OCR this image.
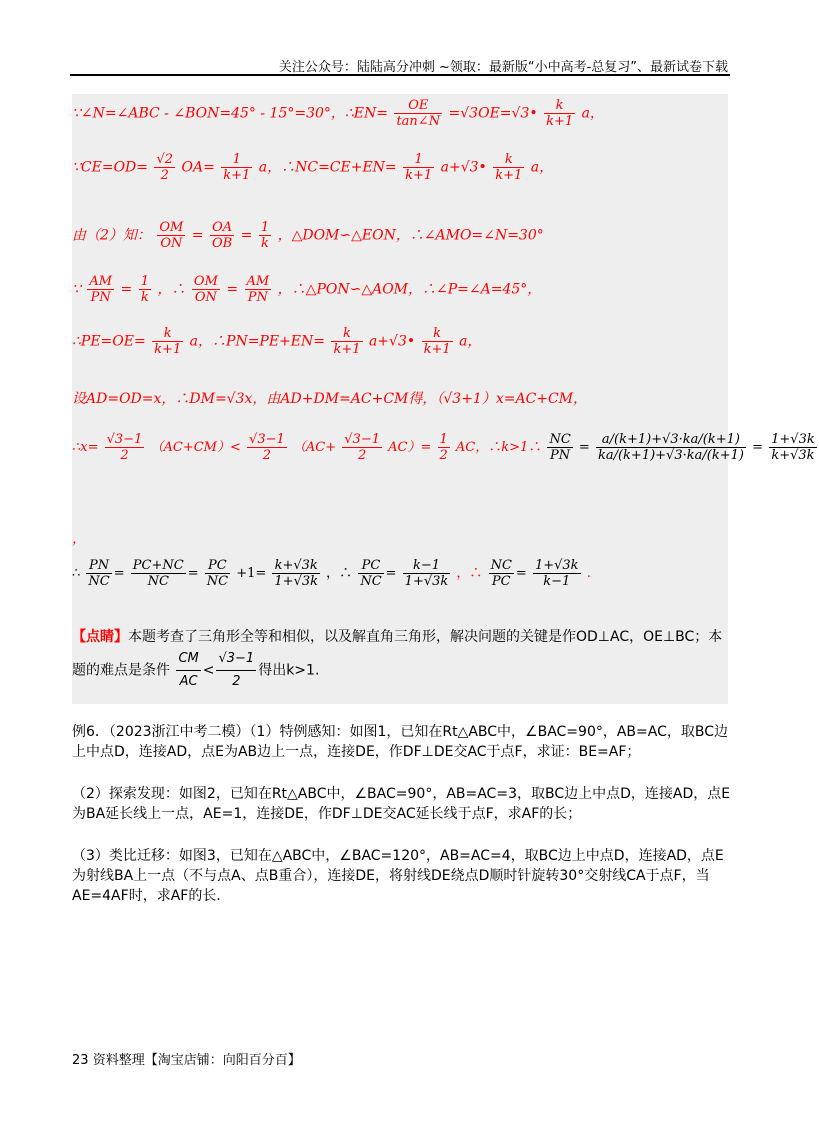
关注公众号：陆陆高分冲刺 ~领取：最新版“小中高考-总复习”、最新试卷下载
∵∠N=∠ABC - ∠BON=45° - 15°=30°，∴EN= $\frac{OE}{\tan\angle N}$ =√3OE=√3• $\frac{k}{k+1}$ a，
∵CE=OD= $\frac{√2}{2} OA= \frac{1}{k+1}$ a，∴NC=CE+EN= $\frac{1}{k+1}$ a+√3• $\frac{k}{k+1}$ a，
由（2）知： $\frac{OM}{ON} = \frac{OA}{OB} = \frac{1}{k}$ ，△DOM∽△EON，∴∠AMO=∠N=30°
∵ $\frac{AM}{PN} = \frac{1}{k}$ ，∴ $\frac{OM}{ON} = \frac{AM}{PN}$ ，∴△PON∽△AOM，∴∠P=∠A=45°，
∴PE=OE= $\frac{k}{k+1}$ a，∴PN=PE+EN= $\frac{k}{k+1}$ a+√3• $\frac{k}{k+1}$ a，
设AD=OD=x，∴DM=√3x，由AD+DM=AC+CM得，（√3+1）x=AC+CM，
∴x= $\frac{√3-1}{2} (AC+CM)< \frac{√3-1}{2} (AC+ \frac{√3-1}{2} AC)= \frac{1}{2}$ AC，∴k>1∴ $\frac{NC}{PN} = \frac{a/(k+1)+√3\cdot ka/(k+1)}{ka/(k+1)+√3\cdot ka/(k+1)} = \frac{1+√3k}{k+√3k}$
，
∴ $\frac{PN}{NC} = \frac{PC+NC}{NC} = \frac{PC}{NC} +1= \frac{k+√3k}{1+√3k}$ ，∴ $\frac{PC}{NC} = \frac{k-1}{1+√3k}$ ，∴ $\frac{NC}{PC} = \frac{1+√3k}{k-1}$ .
【点睛】本题考查了三角形全等和相似，以及解直角三角形，解决问题的关键是作OD⊥AC，OE⊥BC；本题的难点是条件 $\frac{CM}{AC} < \frac{√3-1}{2}$ 得出k>1.
例6．（2023浙江中考二模）（1）特例感知：如图1，已知在Rt△ABC中，∠BAC=90°，AB=AC，取BC边上中点D，连接AD，点E为AB边上一点，连接DE，作DF⊥DE交AC于点F，求证：BE=AF；
（2）探索发现：如图2，已知在Rt△ABC中，∠BAC=90°，AB=AC=3，取BC边上中点D，连接AD，点E为BA延长线上一点，AE=1，连接DE，作DF⊥DE交AC延长线于点F，求AF的长；
（3）类比迁移：如图3，已知在△ABC中，∠BAC=120°，AB=AC=4，取BC边上中点D，连接AD，点E为射线BA上一点（不与点A、点B重合），连接DE，将射线DE绕点D顺时针旋转30°交射线CA于点F，当AE=4AF时，求AF的长．
23 资料整理【淘宝店铺：向阳百分百】
